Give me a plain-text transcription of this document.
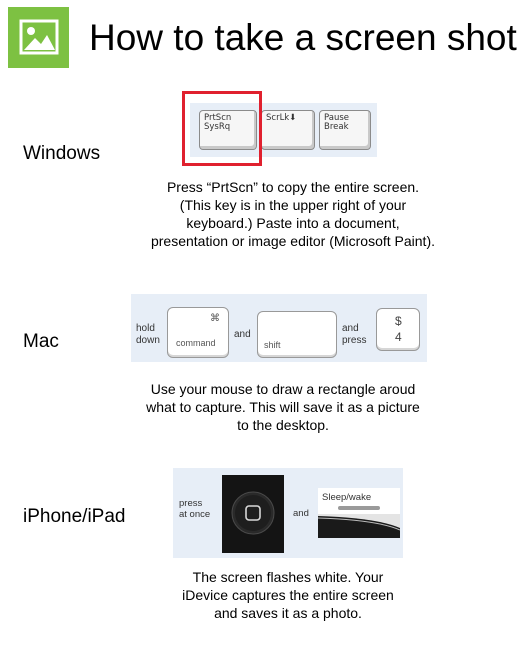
How to take a screen shot
Windows
PrtScn
SysRq
ScrLk⬇	Pause
Break
Press “PrtScn” to copy the entire screen.
(This key is in the upper right of your
keyboard.) Paste into a document,
presentation or image editor (Microsoft Paint).
Mac
hold
down
⌘
command
and
shift
and
press
$
4
Use your mouse to draw a rectangle aroud
what to capture. This will save it as a picture
to the desktop.
iPhone/iPad
press
at once	and
Sleep/wake
The screen flashes white. Your
iDevice captures the entire screen
and saves it as a photo.
